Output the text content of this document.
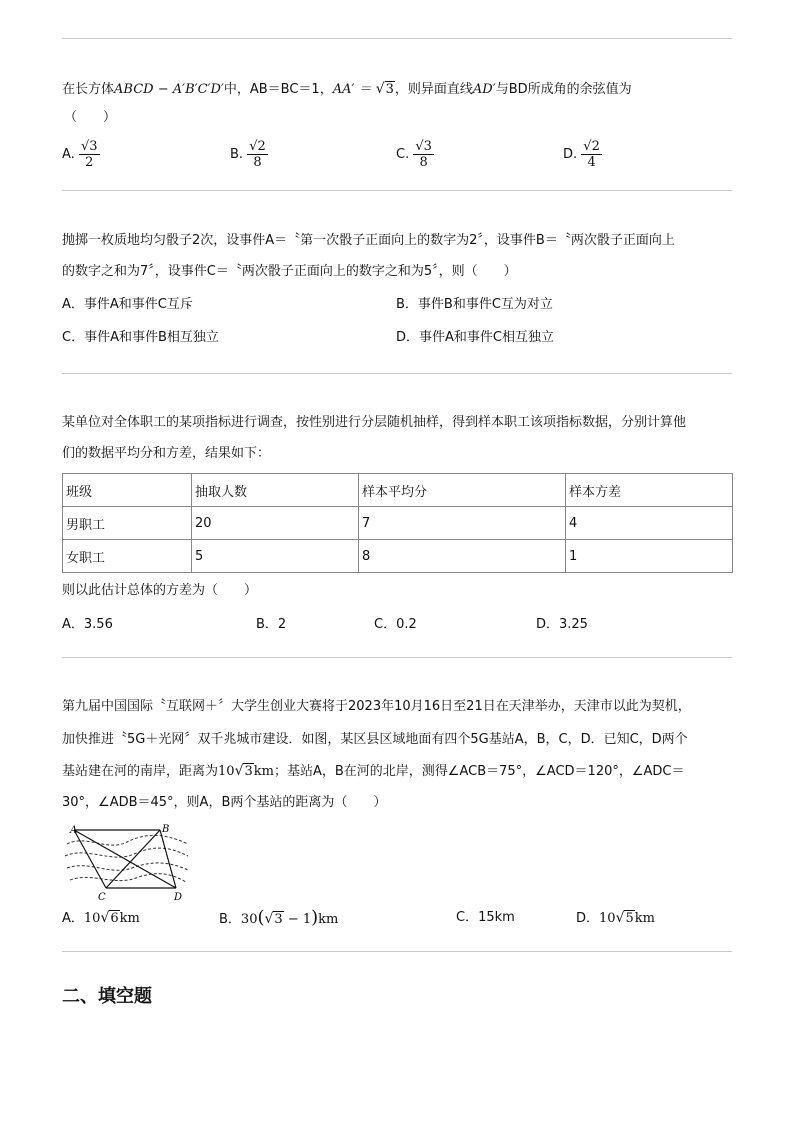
在长方体ABCD − A′B′C′D′中，AB＝BC＝1，AA′ ＝ √3，则异面直线AD′与BD所成角的余弦值为
（　　）
A. $\frac{√3}{2}$	B. $\frac{√2}{8}$	C. $\frac{√3}{8}$	D. $\frac{√2}{4}$
抛掷一枚质地均匀骰子2次，设事件A＝〝第一次骰子正面向上的数字为2〞，设事件B＝〝两次骰子正面向上
的数字之和为7〞，设事件C＝〝两次骰子正面向上的数字之和为5〞，则（　　）
A．事件A和事件C互斥	B．事件B和事件C互为对立
C．事件A和事件B相互独立	D．事件A和事件C相互独立
某单位对全体职工的某项指标进行调查，按性别进行分层随机抽样，得到样本职工该项指标数据，分别计算他
们的数据平均分和方差，结果如下：
班级	抽取人数	样本平均分	样本方差
男职工	20	7	4
女职工	5	8	1
则以此估计总体的方差为（　　）
A．3.56	B．2	C．0.2	D．3.25
第九届中国国际〝互联网＋〞大学生创业大赛将于2023年10月16日至21日在天津举办，天津市以此为契机，
加快推进〝5G＋光网〞双千兆城市建设．如图，某区县区域地面有四个5G基站A，B，C，D．已知C，D两个
基站建在河的南岸，距离为10√3km；基站A，B在河的北岸，测得∠ACB＝75°，∠ACD＝120°，∠ADC＝
30°，∠ADB＝45°，则A，B两个基站的距离为（　　）
A	B
C	D
A．10√6km	B．30(√3 − 1)km	C．15km	D．10√5km
二、填空题
